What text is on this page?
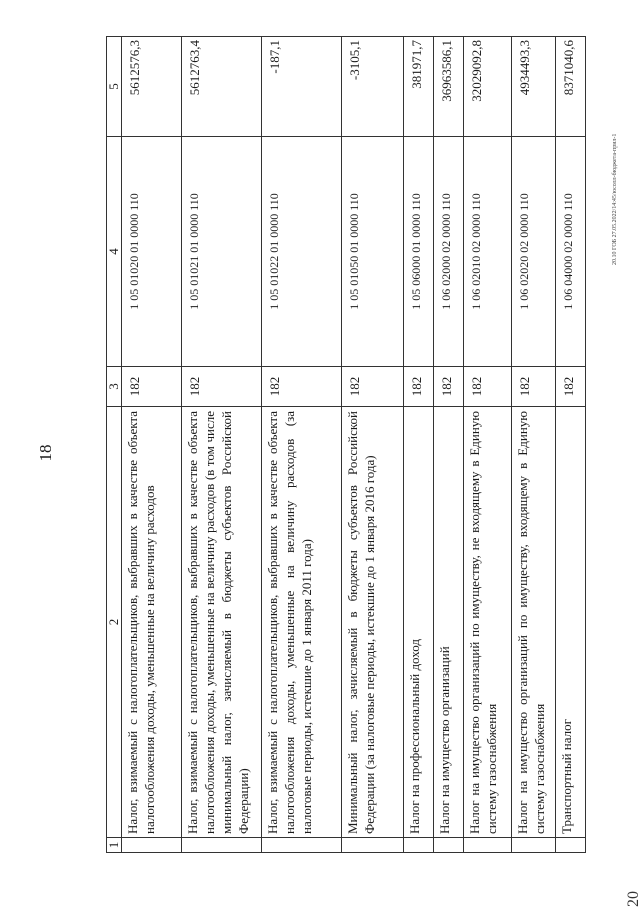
18
1	2	3	4	5
	Налог, взимаемый с налогоплательщиков, выбравших в качестве объекта налогообложения доходы, уменьшенные на величину расходов	182	1 05 01020 01 0000 110	5612576,3
	Налог, взимаемый с налогоплательщиков, выбравших в качестве объекта налогообложения доходы, уменьшенные на величину расходов (в том числе минимальный налог, зачисляемый в бюджеты субъектов Российской Федерации)	182	1 05 01021 01 0000 110	5612763,4
	Налог, взимаемый с налогоплательщиков, выбравших в качестве объекта налогообложения доходы, уменьшенные на величину расходов (за налоговые периоды, истекшие до 1 января 2011 года)	182	1 05 01022 01 0000 110	-187,1
	Минимальный налог, зачисляемый в бюджеты субъектов Российской Федерации (за налоговые периоды, истекшие до 1 января 2016 года)	182	1 05 01050 01 0000 110	-3105,1
	Налог на профессиональный доход	182	1 05 06000 01 0000 110	381971,7
	Налог на имущество организаций	182	1 06 02000 02 0000 110	36963586,1
	Налог на имущество организаций по имуществу, не входящему в Единую систему газоснабжения	182	1 06 02010 02 0000 110	32029092,8
	Налог на имущество организаций по имуществу, входящему в Единую систему газоснабжения	182	1 06 02020 02 0000 110	4934493,3
	Транспортный налог	182	1 06 04000 02 0000 110	8371040,6
20.10 ГОБ 27.05.2022/14:45/юсолл-бюджета-прил-1
20
